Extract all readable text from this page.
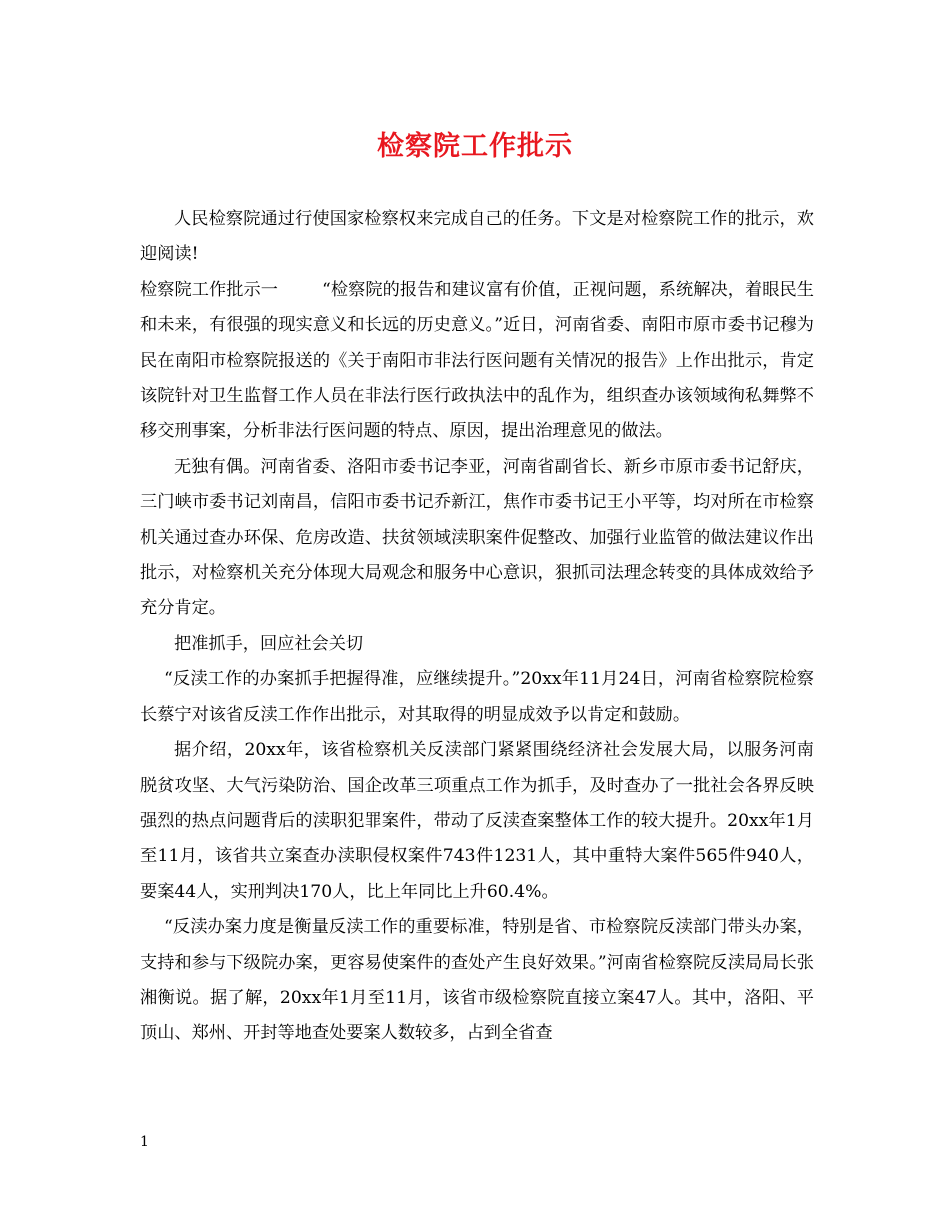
检察院工作批示

人民检察院通过行使国家检察权来完成自己的任务。下文是对检察院工作的批示，欢迎阅读!

检察院工作批示一	“检察院的报告和建议富有价值，正视问题，系统解决，着眼民生和未来，有很强的现实意义和长远的历史意义。”近日，河南省委、南阳市原市委书记穆为民在南阳市检察院报送的《关于南阳市非法行医问题有关情况的报告》上作出批示，肯定该院针对卫生监督工作人员在非法行医行政执法中的乱作为，组织查办该领域徇私舞弊不移交刑事案，分析非法行医问题的特点、原因，提出治理意见的做法。

无独有偶。河南省委、洛阳市委书记李亚，河南省副省长、新乡市原市委书记舒庆，三门峡市委书记刘南昌，信阳市委书记乔新江，焦作市委书记王小平等，均对所在市检察机关通过查办环保、危房改造、扶贫领域渎职案件促整改、加强行业监管的做法建议作出批示，对检察机关充分体现大局观念和服务中心意识，狠抓司法理念转变的具体成效给予充分肯定。

把准抓手，回应社会关切

“反渎工作的办案抓手把握得准，应继续提升。”20xx年11月24日，河南省检察院检察长蔡宁对该省反渎工作作出批示，对其取得的明显成效予以肯定和鼓励。

据介绍，20xx年，该省检察机关反渎部门紧紧围绕经济社会发展大局，以服务河南脱贫攻坚、大气污染防治、国企改革三项重点工作为抓手，及时查办了一批社会各界反映强烈的热点问题背后的渎职犯罪案件，带动了反渎查案整体工作的较大提升。20xx年1月至11月，该省共立案查办渎职侵权案件743件1231人，其中重特大案件565件940人，要案44人，实刑判决170人，比上年同比上升60.4%。

“反渎办案力度是衡量反渎工作的重要标准，特别是省、市检察院反渎部门带头办案，支持和参与下级院办案，更容易使案件的查处产生良好效果。”河南省检察院反渎局局长张湘衡说。据了解，20xx年1月至11月，该省市级检察院直接立案47人。其中，洛阳、平顶山、郑州、开封等地查处要案人数较多，占到全省查

1
